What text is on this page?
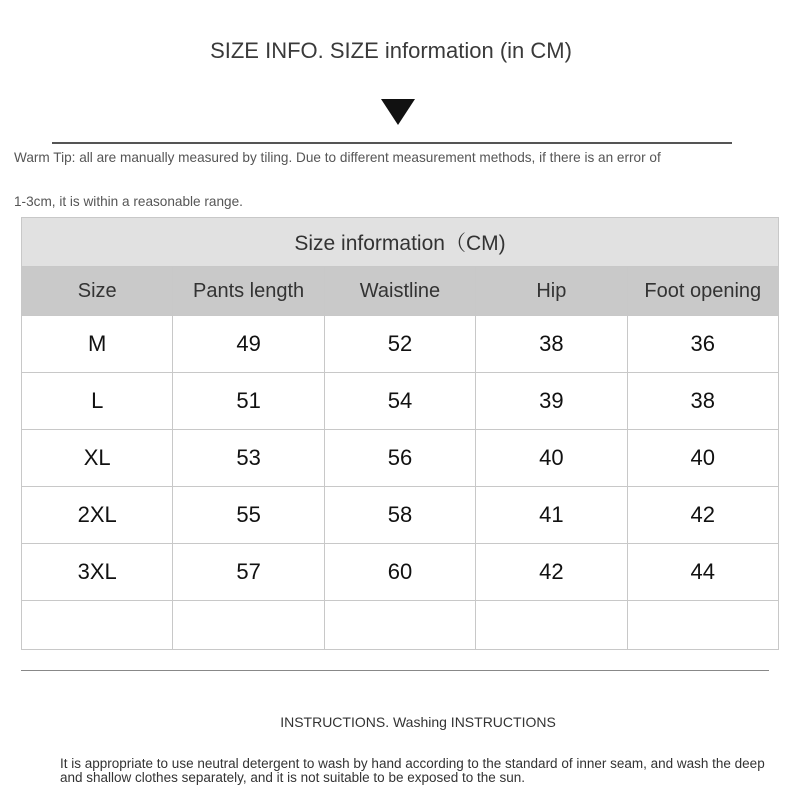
SIZE INFO. SIZE information (in CM)
Warm Tip: all are manually measured by tiling. Due to different measurement methods, if there is an error of
1-3cm, it is within a reasonable range.
Size information（CM)				
Size	Pants length	Waistline	Hip	Foot opening
M	49	52	38	36
L	51	54	39	38
XL	53	56	40	40
2XL	55	58	41	42
3XL	57	60	42	44

INSTRUCTIONS. Washing INSTRUCTIONS
It is appropriate to use neutral detergent to wash by hand according to the standard of inner seam, and wash the deep and shallow clothes separately, and it is not suitable to be exposed to the sun.
